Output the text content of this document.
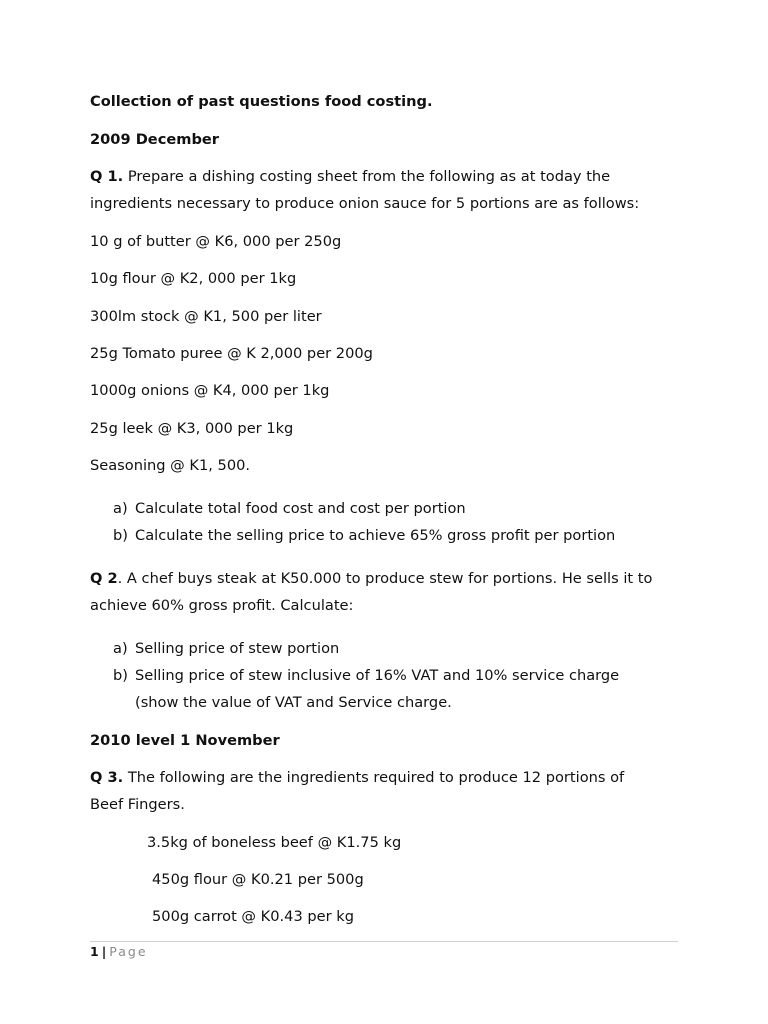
Collection of past questions food costing.
2009 December
Q 1. Prepare a dishing costing sheet from the following as at today the
ingredients necessary to produce onion sauce for 5 portions are as follows:
10 g of butter @ K6, 000 per 250g
10g flour @ K2, 000 per 1kg
300lm stock @ K1, 500 per liter
25g Tomato puree @ K 2,000 per 200g
1000g onions @ K4, 000 per 1kg
25g leek @ K3, 000 per 1kg
Seasoning @ K1, 500.
a) Calculate total food cost and cost per portion
b) Calculate the selling price to achieve 65% gross profit per portion
Q 2. A chef buys steak at K50.000 to produce stew for portions. He sells it to
achieve 60% gross profit. Calculate:
a) Selling price of stew portion
b) Selling price of stew inclusive of 16% VAT and 10% service charge
(show the value of VAT and Service charge.
2010 level 1 November
Q 3. The following are the ingredients required to produce 12 portions of
Beef Fingers.
3.5kg of boneless beef @ K1.75 kg
450g flour @ K0.21 per 500g
500g carrot @ K0.43 per kg
1 | Page
